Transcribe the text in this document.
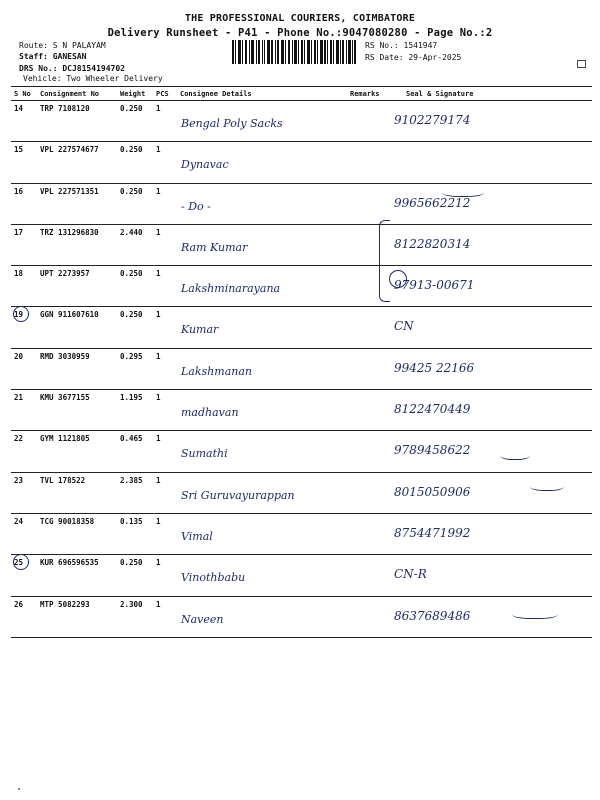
THE PROFESSIONAL COURIERS, COIMBATORE
Delivery Runsheet - P41 - Phone No.:9047080280 - Page No.:2
Route: S N PALAYAM
Staff: GANESAN
DRS No.: DCJ8154194702
Vehicle: Two Wheeler Delivery
RS No.: 1541947
RS Date: 29-Apr-2025
S No	Consignment No	Weight	PCS	Consignee Details	Remarks	Seal & Signature

14	TRP 7108120	0.250	1	Bengal Poly Sacks		9102279174

15	VPL 227574677	0.250	1	Dynavac		

16	VPL 227571351	0.250	1	- Do -		9965662212

17	TRZ 131296830	2.440	1	Ram Kumar		8122820314

18	UPT 2273957	0.250	1	Lakshminarayana		97913-00671

19	GGN 911607610	0.250	1	Kumar		CN

20	RMD 3030959	0.295	1	Lakshmanan		99425 22166

21	KMU 3677155	1.195	1	madhavan		8122470449

22	GYM 1121805	0.465	1	Sumathi		9789458622

23	TVL 178522	2.385	1	Sri Guruvayurappan		8015050906

24	TCG 90018358	0.135	1	Vimal		8754471992

25	KUR 696596535	0.250	1	Vinothbabu		CN-R

26	MTP 5082293	2.300	1	Naveen		8637689486
